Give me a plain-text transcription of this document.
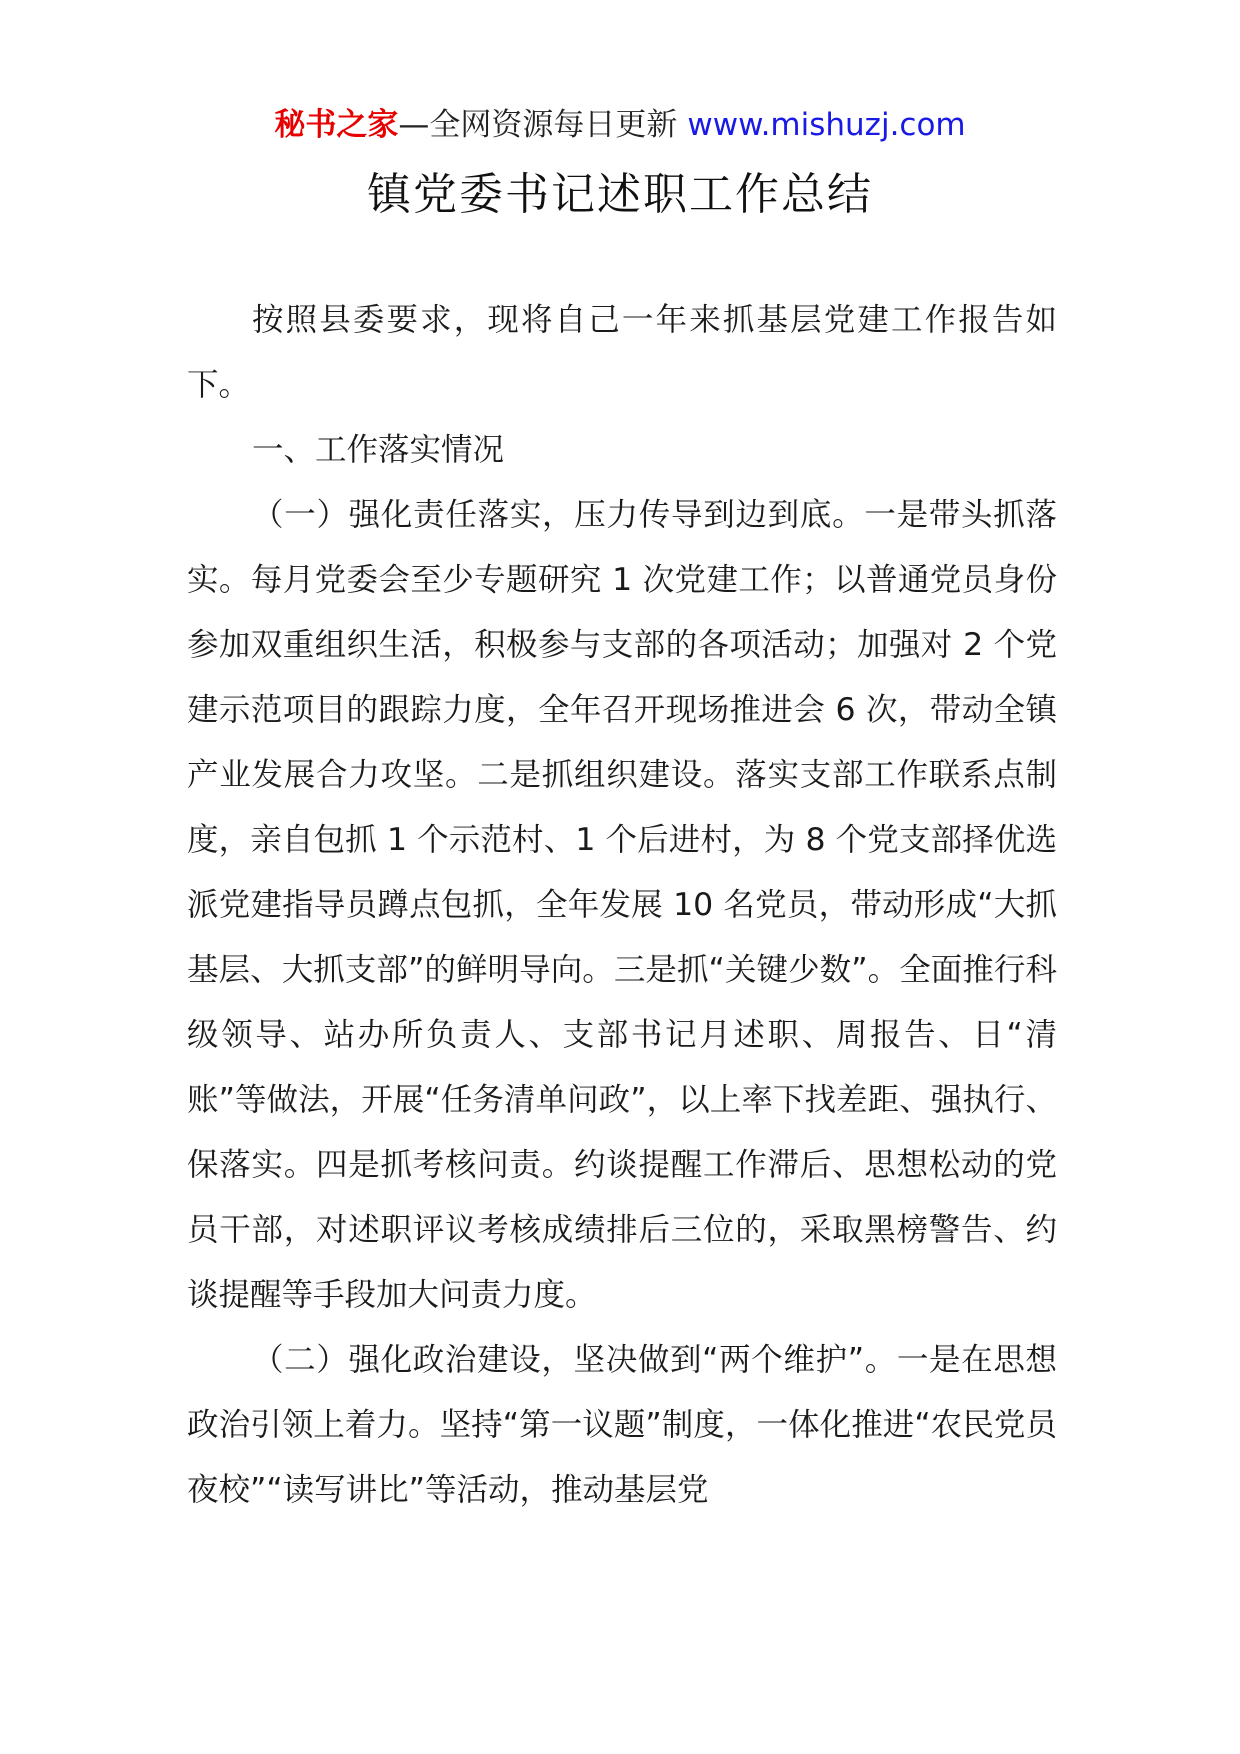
秘书之家—全网资源每日更新 www.mishuzj.com
镇党委书记述职工作总结

按照县委要求，现将自己一年来抓基层党建工作报告如下。

一、工作落实情况

（一）强化责任落实，压力传导到边到底。一是带头抓落实。每月党委会至少专题研究 1 次党建工作；以普通党员身份参加双重组织生活，积极参与支部的各项活动；加强对 2 个党建示范项目的跟踪力度，全年召开现场推进会 6 次，带动全镇产业发展合力攻坚。二是抓组织建设。落实支部工作联系点制度，亲自包抓 1 个示范村、1 个后进村，为 8 个党支部择优选派党建指导员蹲点包抓，全年发展 10 名党员，带动形成“大抓基层、大抓支部”的鲜明导向。三是抓“关键少数”。全面推行科级领导、站办所负责人、支部书记月述职、周报告、日“清账”等做法，开展“任务清单问政”，以上率下找差距、强执行、保落实。四是抓考核问责。约谈提醒工作滞后、思想松动的党员干部，对述职评议考核成绩排后三位的，采取黑榜警告、约谈提醒等手段加大问责力度。

（二）强化政治建设，坚决做到“两个维护”。一是在思想政治引领上着力。坚持“第一议题”制度，一体化推进“农民党员夜校”“读写讲比”等活动，推动基层党
